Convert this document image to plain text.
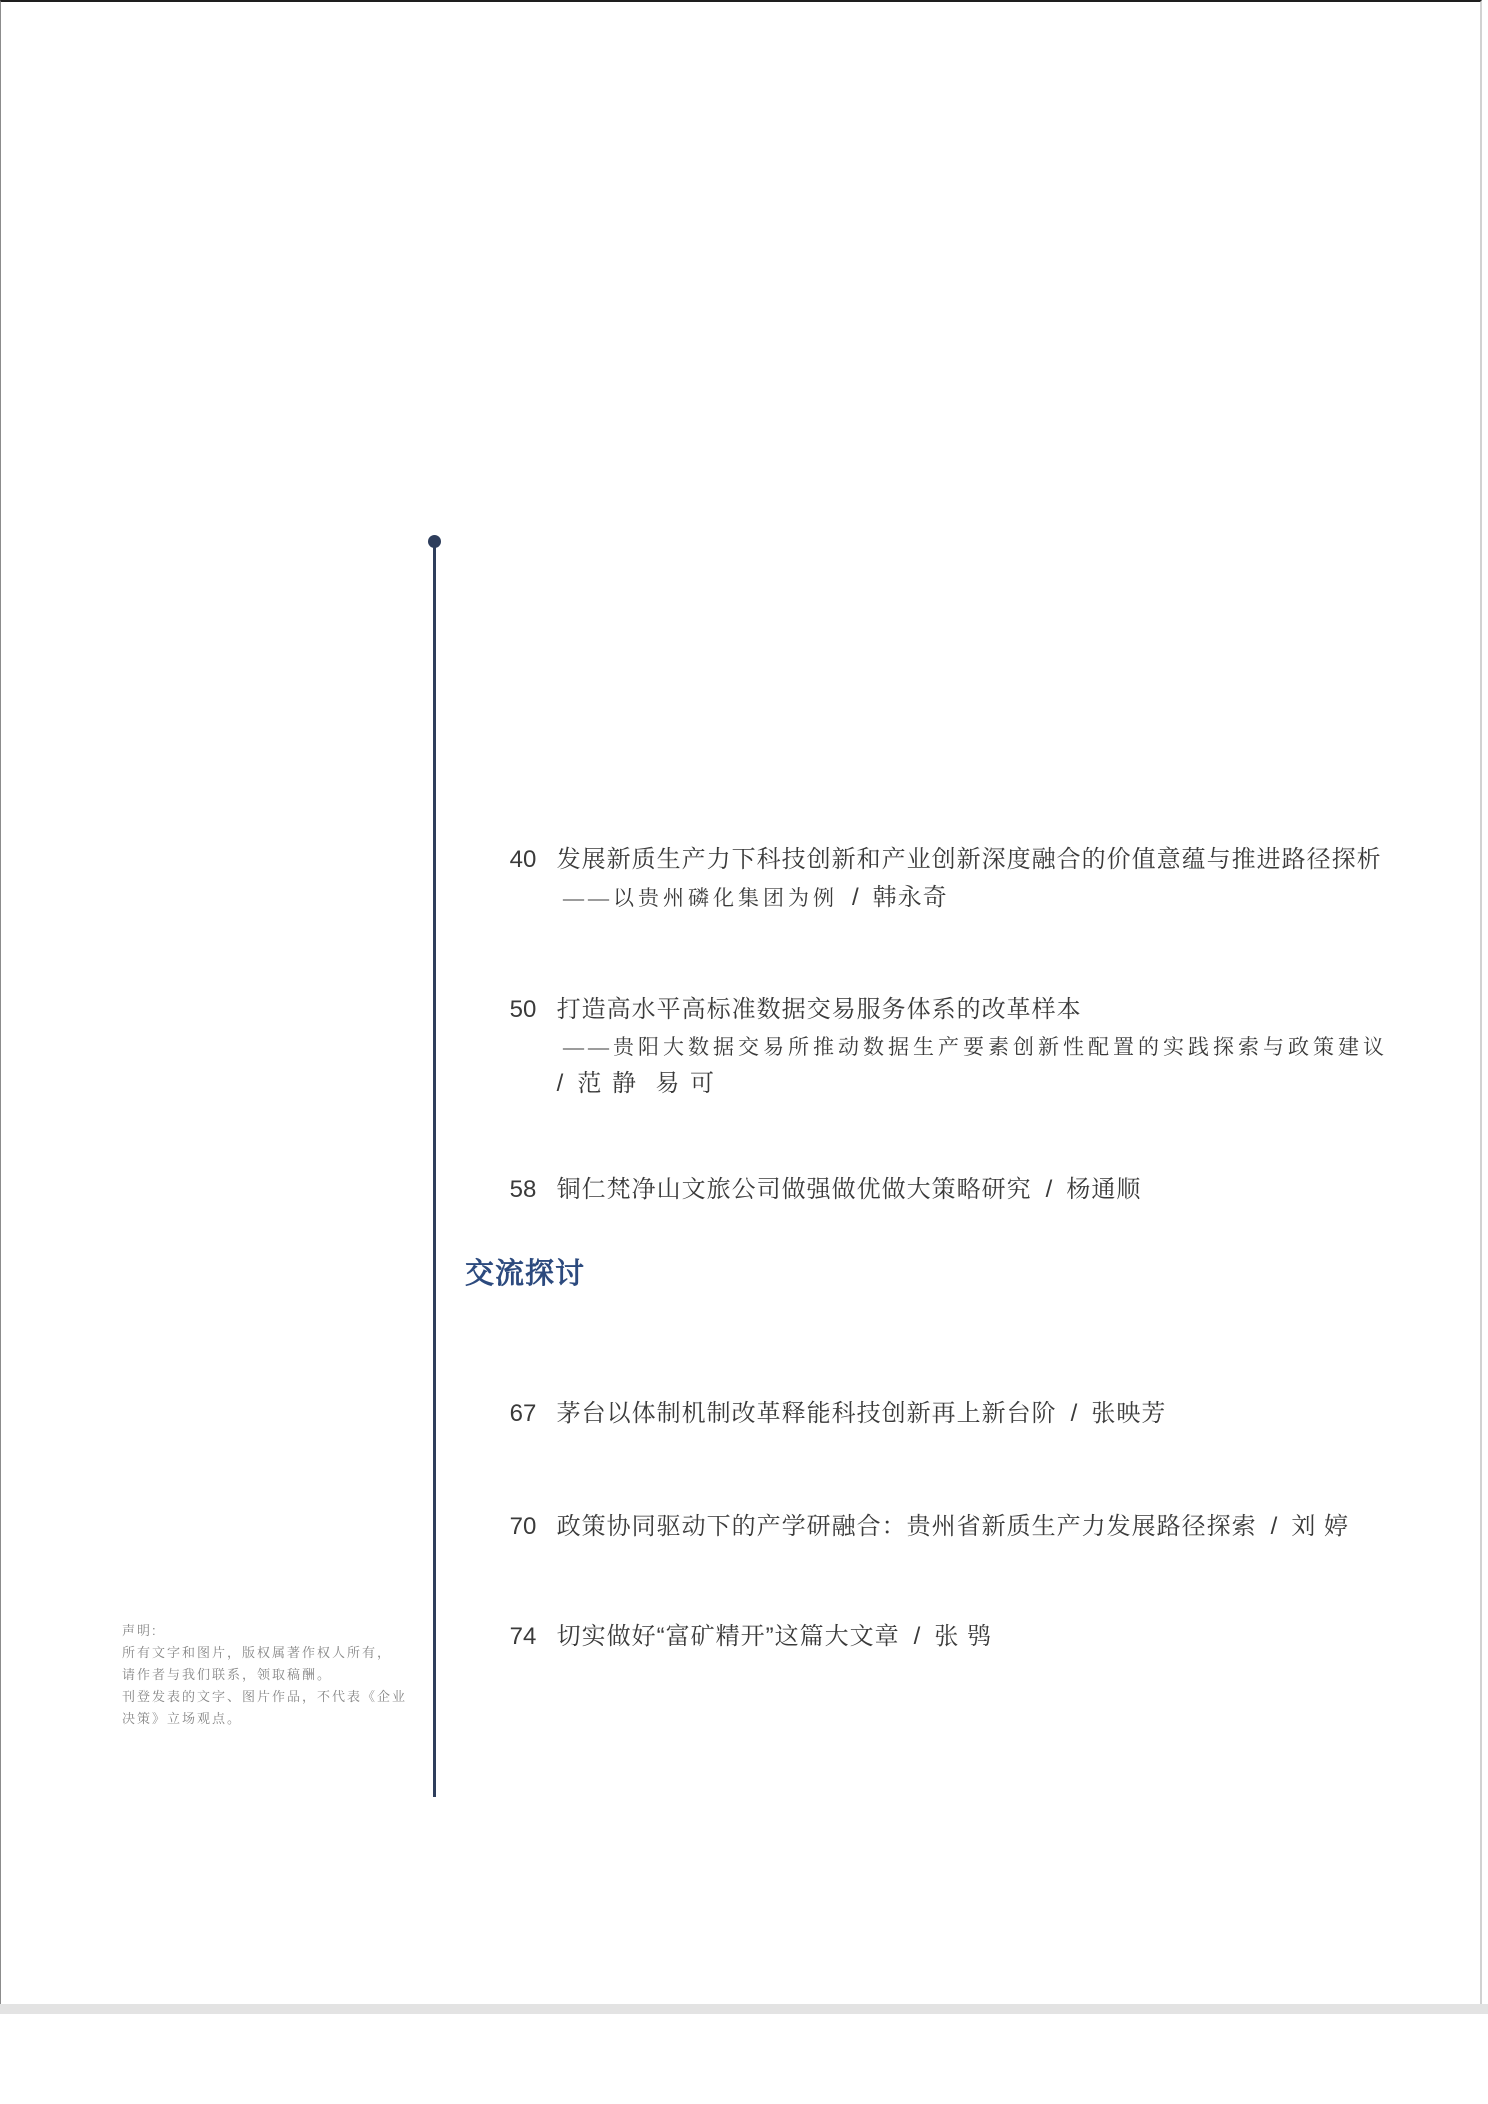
40 发展新质生产力下科技创新和产业创新深度融合的价值意蕴与推进路径探析

——以贵州磷化集团为例 / 韩永奇

50 打造高水平高标准数据交易服务体系的改革样本

——贵阳大数据交易所推动数据生产要素创新性配置的实践探索与政策建议

/ 范 静  易 可

58 铜仁梵净山文旅公司做强做优做大策略研究 / 杨通顺

交流探讨

67 茅台以体制机制改革释能科技创新再上新台阶 / 张映芳

70 政策协同驱动下的产学研融合：贵州省新质生产力发展路径探索 / 刘 婷

74 切实做好“富矿精开”这篇大文章 / 张 鸮

声明:
所有文字和图片，版权属著作权人所有，
请作者与我们联系，领取稿酬。
刊登发表的文字、图片作品，不代表《企业
决策》立场观点。
